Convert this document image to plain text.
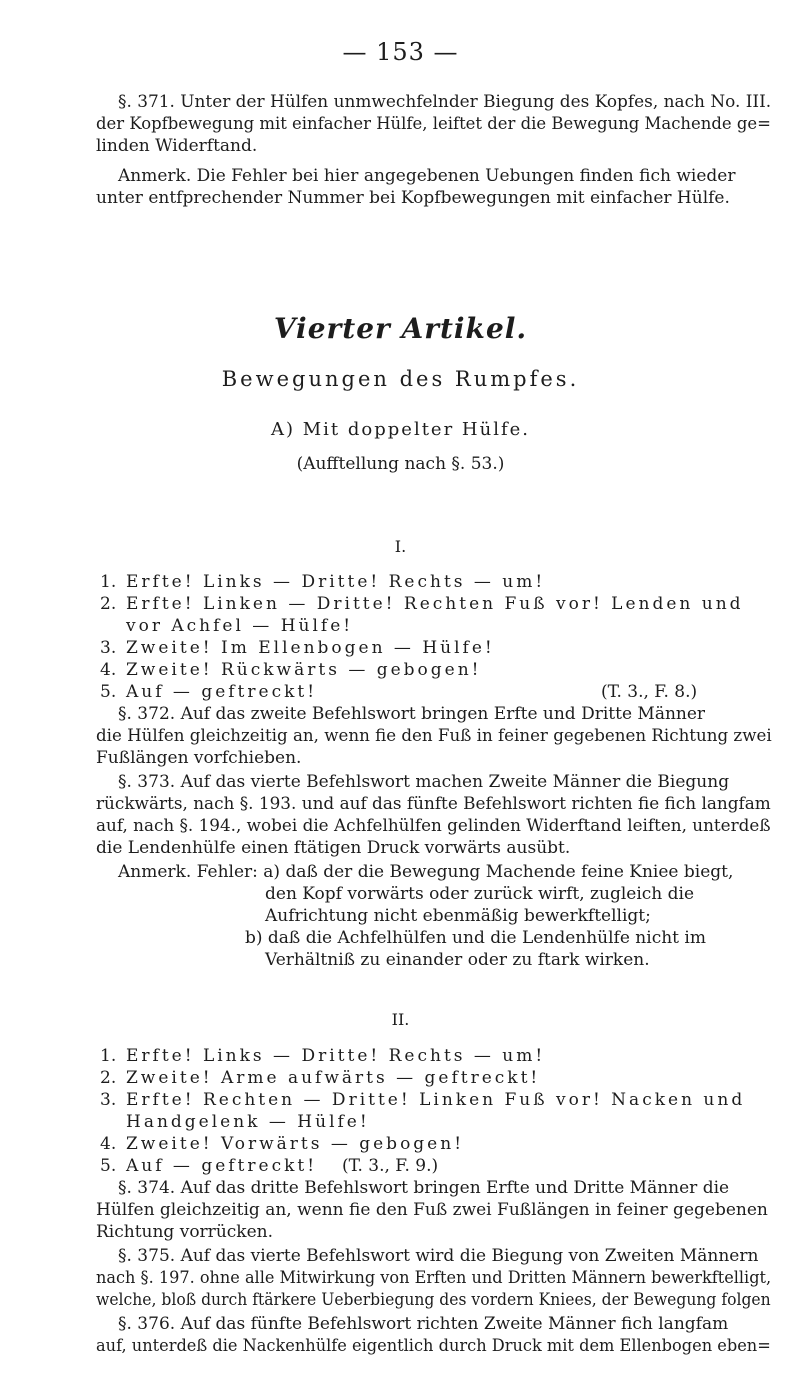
— 153 —
§. 371. Unter der Hülfen unmwechfelnder Biegung des Kopfes, nach No. III.
der Kopfbewegung mit einfacher Hülfe, leiftet der die Bewegung Machende ge=
linden Widerftand.
Anmerk. Die Fehler bei hier angegebenen Uebungen finden fich wieder
unter entfprechender Nummer bei Kopfbewegungen mit einfacher Hülfe.
Vierter Artikel.
Bewegungen des Rumpfes.
A) Mit doppelter Hülfe.
(Aufftellung nach §. 53.)
I.
1. Erfte! Links — Dritte! Rechts — um!
2. Erfte! Linken — Dritte! Rechten Fuß vor! Lenden und
vor Achfel — Hülfe!
3. Zweite! Im Ellenbogen — Hülfe!
4. Zweite! Rückwärts — gebogen!
5. Auf — geftreckt!	(T. 3., F. 8.)
§. 372. Auf das zweite Befehlswort bringen Erfte und Dritte Männer
die Hülfen gleichzeitig an, wenn fie den Fuß in feiner gegebenen Richtung zwei
Fußlängen vorfchieben.
§. 373. Auf das vierte Befehlswort machen Zweite Männer die Biegung
rückwärts, nach §. 193. und auf das fünfte Befehlswort richten fie fich langfam
auf, nach §. 194., wobei die Achfelhülfen gelinden Widerftand leiften, unterdeß
die Lendenhülfe einen ftätigen Druck vorwärts ausübt.
Anmerk. Fehler: a) daß der die Bewegung Machende feine Kniee biegt,
den Kopf vorwärts oder zurück wirft, zugleich die
Aufrichtung nicht ebenmäßig bewerkftelligt;
b) daß die Achfelhülfen und die Lendenhülfe nicht im
Verhältniß zu einander oder zu ftark wirken.
II.
1. Erfte! Links — Dritte! Rechts — um!
2. Zweite! Arme aufwärts — geftreckt!
3. Erfte! Rechten — Dritte! Linken Fuß vor! Nacken und
Handgelenk — Hülfe!
4. Zweite! Vorwärts — gebogen!
5. Auf — geftreckt! (T. 3., F. 9.)
§. 374. Auf das dritte Befehlswort bringen Erfte und Dritte Männer die
Hülfen gleichzeitig an, wenn fie den Fuß zwei Fußlängen in feiner gegebenen
Richtung vorrücken.
§. 375. Auf das vierte Befehlswort wird die Biegung von Zweiten Männern
nach §. 197. ohne alle Mitwirkung von Erften und Dritten Männern bewerkftelligt,
welche, bloß durch ftärkere Ueberbiegung des vordern Kniees, der Bewegung folgen
§. 376. Auf das fünfte Befehlswort richten Zweite Männer fich langfam
auf, unterdeß die Nackenhülfe eigentlich durch Druck mit dem Ellenbogen eben=
